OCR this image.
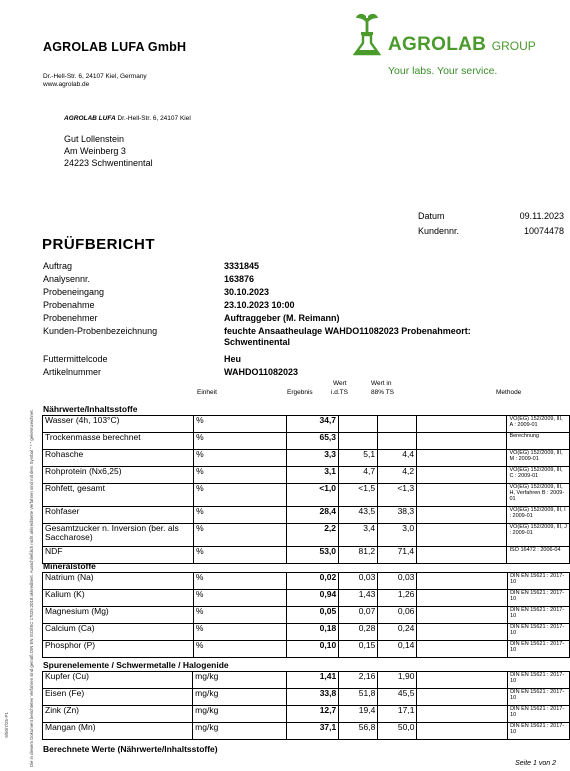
AGROLAB LUFA GmbH
Dr.-Hell-Str. 6, 24107 Kiel, Germany
www.agrolab.de
AGROLAB GROUP
Your labs. Your service.
AGROLAB LUFA Dr.-Hell-Str. 6, 24107 Kiel
Gut Lollenstein
Am Weinberg 3
24223 Schwentinental
Datum	09.11.2023
Kundennr.	10074478
PRÜFBERICHT
Die in diesem Dokument berichteten Verfahren sind gemäß DIN EN ISO/IEC 17025:2018 akkreditiert. Ausschließlich nicht akkreditierte Verfahren sind mit dem Symbol " * " gekennzeichnet.
9/50/7/25-P1
Auftrag	3331845
Analysennr.	163876
Probeneingang	30.10.2023
Probenahme	23.10.2023 10:00
Probenehmer	Auftraggeber (M. Reimann)
Kunden-Probenbezeichnung	feuchte Ansaatheulage WAHDO11082023 Probenahmeort:
Schwentinental
Futtermittelcode	Heu
Artikelnummer	WAHDO11082023
Einheit	Ergebnis
Wert
i.d.TS
Wert in
88% TS	Methode
Nährwerte/Inhaltsstoffe
Mineralstoffe
Spurenelemente / Schwermetalle / Halogenide
Berechnete Werte (Nährwerte/Inhaltsstoffe)
Wasser (4h, 103°C)	%	34,7				VO(EG) 152/2009, III, A : 2009-01
Trockenmasse berechnet	%	65,3				Berechnung
Rohasche	%	3,3	5,1	4,4		VO(EG) 152/2009, III, M : 2009-01
Rohprotein (Nx6,25)	%	3,1	4,7	4,2		VO(EG) 152/2009, III, C : 2009-01
Rohfett, gesamt	%	<1,0	<1,5	<1,3		VO(EG) 152/2009, III, H, Verfahren B : 2009-01
Rohfaser	%	28,4	43,5	38,3		VO(EG) 152/2009, III, I : 2009-01
Gesamtzucker n. Inversion (ber. als Saccharose)	%	2,2	3,4	3,0		VO(EG) 152/2009, III, J : 2009-01
NDF	%	53,0	81,2	71,4		ISO 16472 : 2006-04
Natrium (Na)	%	0,02	0,03	0,03		DIN EN 15621 : 2017-10
Kalium (K)	%	0,94	1,43	1,26		DIN EN 15621 : 2017-10
Magnesium (Mg)	%	0,05	0,07	0,06		DIN EN 15621 : 2017-10
Calcium (Ca)	%	0,18	0,28	0,24		DIN EN 15621 : 2017-10
Phosphor (P)	%	0,10	0,15	0,14		DIN EN 15621 : 2017-10
Kupfer (Cu)	mg/kg	1,41	2,16	1,90		DIN EN 15621 : 2017-10
Eisen (Fe)	mg/kg	33,8	51,8	45,5		DIN EN 15621 : 2017-10
Zink (Zn)	mg/kg	12,7	19,4	17,1		DIN EN 15621 : 2017-10
Mangan (Mn)	mg/kg	37,1	56,8	50,0		DIN EN 15621 : 2017-10
Seite 1 von 2
